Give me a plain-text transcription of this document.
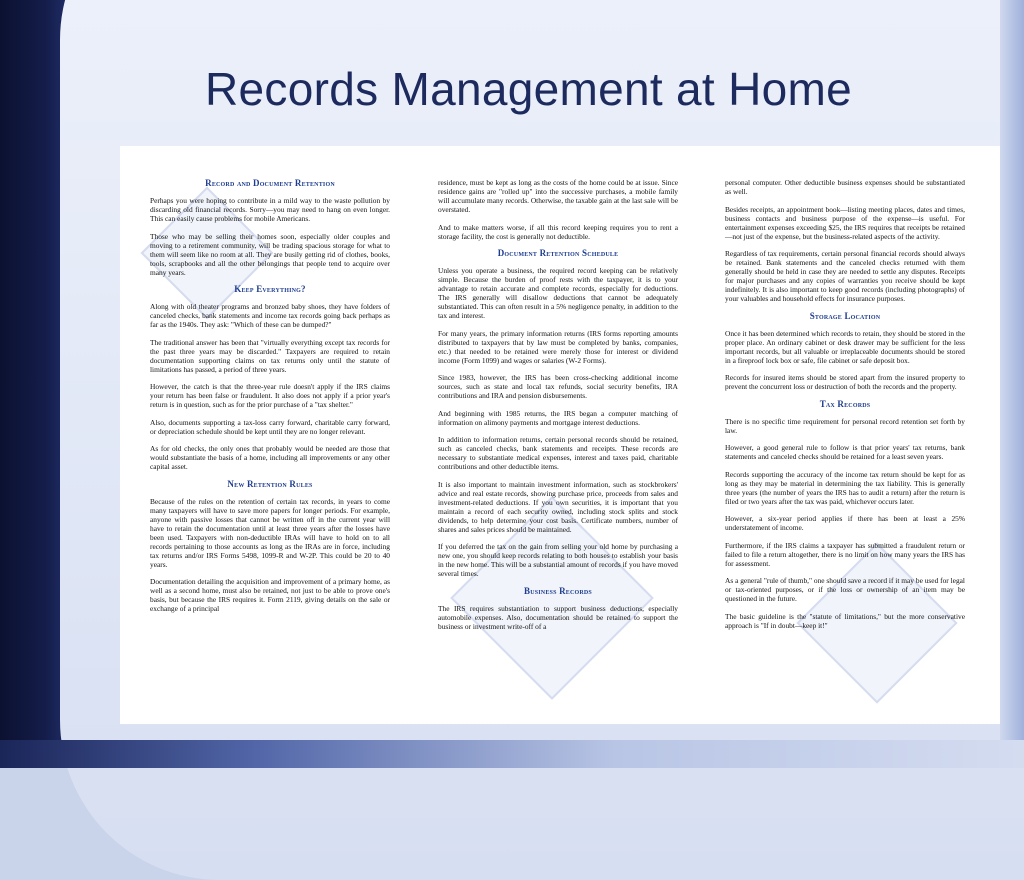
Records Management at Home
Record and Document Retention

Perhaps you were hoping to contribute in a mild way to the waste pollution by discarding old financial records. Sorry—you may need to hang on even longer. This can easily cause problems for mobile Americans.

Those who may be selling their homes soon, especially older couples and moving to a retirement community, will be trading spacious storage for what to them will seem like no room at all. They are busily getting rid of clothes, books, tools, scrapbooks and all the other belongings that people tend to acquire over many years.

Keep Everything?

Along with old theater programs and bronzed baby shoes, they have folders of canceled checks, bank statements and income tax records going back perhaps as far as the 1940s. They ask: "Which of these can be dumped?"

The traditional answer has been that "virtually everything except tax records for the past three years may be discarded." Taxpayers are required to retain documentation supporting claims on tax returns only until the statute of limitations has passed, a period of three years.

However, the catch is that the three-year rule doesn't apply if the IRS claims your return has been false or fraudulent. It also does not apply if a prior year's return is in question, such as for the prior purchase of a "tax shelter."

Also, documents supporting a tax-loss carry forward, charitable carry forward, or depreciation schedule should be kept until they are no longer relevant.

As for old checks, the only ones that probably would be needed are those that would substantiate the basis of a home, including all improvements or any other capital asset.

New Retention Rules

Because of the rules on the retention of certain tax records, in years to come many taxpayers will have to save more papers for longer periods. For example, anyone with passive losses that cannot be written off in the current year will have to retain the documentation until at least three years after the losses have been used. Taxpayers with non-deductible IRAs will have to hold on to all records pertaining to those accounts as long as the IRAs are in force, including tax returns and/or IRS Forms 5498, 1099-R and W-2P. This could be 20 to 40 years.

Documentation detailing the acquisition and improvement of a primary home, as well as a second home, must also be retained, not just to be able to prove one's basis, but because the IRS requires it. Form 2119, giving details on the sale or exchange of a principal

residence, must be kept as long as the costs of the home could be at issue. Since residence gains are "rolled up" into the successive purchases, a mobile family will accumulate many records. Otherwise, the taxable gain at the last sale will be overstated.

And to make matters worse, if all this record keeping requires you to rent a storage facility, the cost is generally not deductible.

Document Retention Schedule

Unless you operate a business, the required record keeping can be relatively simple. Because the burden of proof rests with the taxpayer, it is to your advantage to retain accurate and complete records, especially for deductions. The IRS generally will disallow deductions that cannot be adequately substantiated. This can often result in a 5% negligence penalty, in addition to the tax and interest.

For many years, the primary information returns (IRS forms reporting amounts distributed to taxpayers that by law must be completed by banks, companies, etc.) that needed to be retained were merely those for interest or dividend income (Form 1099) and wages or salaries (W-2 Forms).

Since 1983, however, the IRS has been cross-checking additional income sources, such as state and local tax refunds, social security benefits, IRA contributions and IRA and pension disbursements.

And beginning with 1985 returns, the IRS began a computer matching of information on alimony payments and mortgage interest deductions.

In addition to information returns, certain personal records should be retained, such as canceled checks, bank statements and receipts. These records are necessary to substantiate medical expenses, interest and taxes paid, charitable contributions and other deductible items.

It is also important to maintain investment information, such as stockbrokers' advice and real estate records, showing purchase price, proceeds from sales and investment-related deductions. If you own securities, it is important that you maintain a record of each security owned, including stock splits and stock dividends, to help determine your cost basis. Certificate numbers, number of shares and sales prices should be maintained.

If you deferred the tax on the gain from selling your old home by purchasing a new one, you should keep records relating to both houses to establish your basis in the new home. This will be a substantial amount of records if you have moved several times.

Business Records

The IRS requires substantiation to support business deductions, especially automobile expenses. Also, documentation should be retained to support the business or investment write-off of a

personal computer. Other deductible business expenses should be substantiated as well.

Besides receipts, an appointment book—listing meeting places, dates and times, business contacts and business purpose of the expense—is useful. For entertainment expenses exceeding $25, the IRS requires that receipts be retained—not just of the expense, but the business-related aspects of the activity.

Regardless of tax requirements, certain personal financial records should always be retained. Bank statements and the canceled checks returned with them generally should be held in case they are needed to settle any disputes. Receipts for major purchases and any copies of warranties you receive should be kept indefinitely. It is also important to keep good records (including photographs) of your valuables and household effects for insurance purposes.

Storage Location

Once it has been determined which records to retain, they should be stored in the proper place. An ordinary cabinet or desk drawer may be sufficient for the less important records, but all valuable or irreplaceable documents should be stored in a fireproof lock box or safe, file cabinet or safe deposit box.

Records for insured items should be stored apart from the insured property to prevent the concurrent loss or destruction of both the records and the property.

Tax Records

There is no specific time requirement for personal record retention set forth by law.

However, a good general rule to follow is that prior years' tax returns, bank statements and canceled checks should be retained for a least seven years.

Records supporting the accuracy of the income tax return should be kept for as long as they may be material in determining the tax liability. This is generally three years (the number of years the IRS has to audit a return) after the return is filed or two years after the tax was paid, whichever occurs later.

However, a six-year period applies if there has been at least a 25% understatement of income.

Furthermore, if the IRS claims a taxpayer has submitted a fraudulent return or failed to file a return altogether, there is no limit on how many years the IRS has for assessment.

As a general "rule of thumb," one should save a record if it may be used for legal or tax-oriented purposes, or if the loss or ownership of an item may be questioned in the future.

The basic guideline is the "statute of limitations," but the more conservative approach is "If in doubt—keep it!"
